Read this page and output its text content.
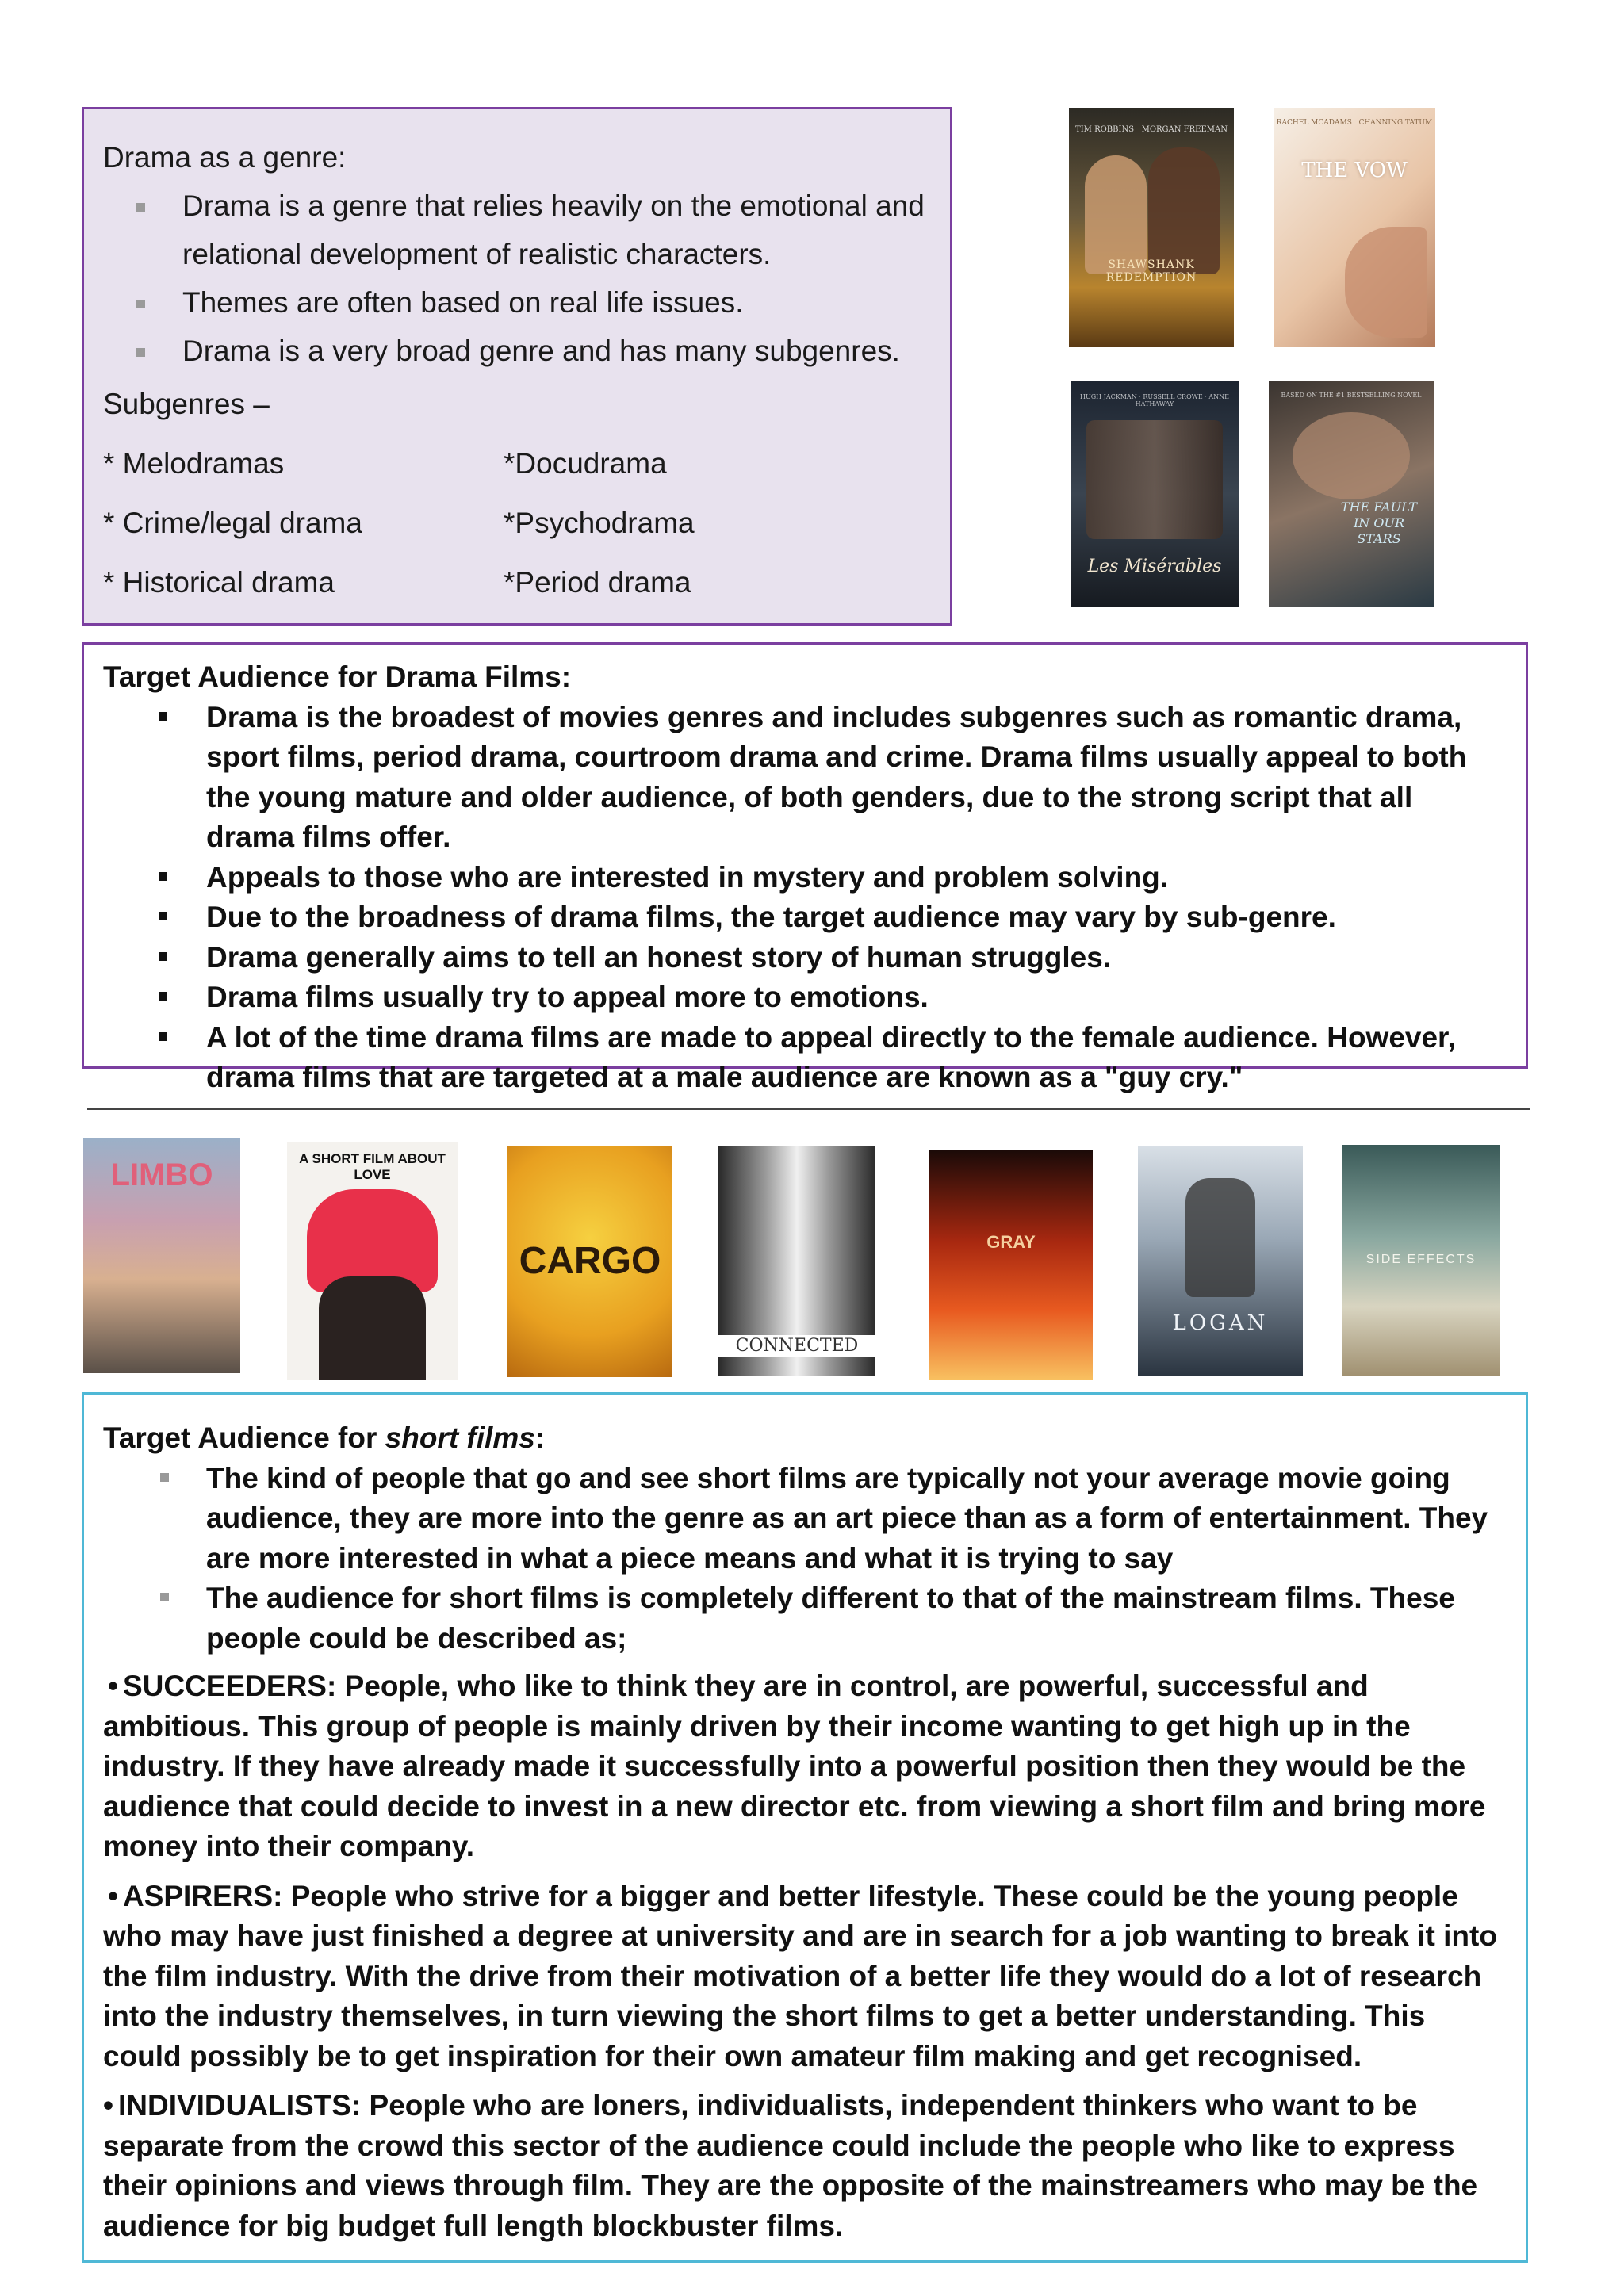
Drama as a genre:
Drama is a genre that relies heavily on the emotional and relational development of realistic characters.
Themes are often based on real life issues.
Drama is a very broad genre and has many subgenres.
Subgenres –
* Melodramas	*Docudrama
* Crime/legal drama	*Psychodrama
* Historical drama	*Period drama
TIM ROBBINS   MORGAN FREEMAN
SHAWSHANK REDEMPTION
RACHEL MCADAMS   CHANNING TATUM
THE VOW
HUGH JACKMAN · RUSSELL CROWE · ANNE HATHAWAY
Les Misérables
BASED ON THE #1 BESTSELLING NOVEL
THE FAULT IN OUR STARS
Target Audience for Drama Films:
Drama is the broadest of movies genres and includes subgenres such as romantic drama, sport films, period drama, courtroom drama and crime. Drama films usually appeal to both the young mature and older audience, of both genders, due to the strong script that all drama films offer.
Appeals to those who are interested in mystery and problem solving.
Due to the broadness of drama films, the target audience may vary by sub-genre.
Drama generally aims to tell an honest story of human struggles.
Drama films usually try to appeal more to emotions.
A lot of the time drama films are made to appeal directly to the female audience. However, drama films that are targeted at a male audience are known as a "guy cry."
LIMBO	A SHORT FILM ABOUT LOVE
CARGO
CONNECTED
GRAY
LOGAN
SIDE EFFECTS
Target Audience for short films:
The kind of people that go and see short films are typically not your average movie going audience, they are more into the genre as an art piece than as a form of entertainment. They are more interested in what a piece means and what it is trying to say
The audience for short films is completely different to that of the mainstream films. These people could be described as;

• SUCCEEDERS: People, who like to think they are in control, are powerful, successful and ambitious. This group of people is mainly driven by their income wanting to get high up in the industry. If they have already made it successfully into a powerful position then they would be the audience that could decide to invest in a new director etc. from viewing a short film and bring more money into their company.

• ASPIRERS: People who strive for a bigger and better lifestyle. These could be the young people who may have just finished a degree at university and are in search for a job wanting to break it into the film industry. With the drive from their motivation of a better life they would do a lot of research into the industry themselves, in turn viewing the short films to get a better understanding. This could possibly be to get inspiration for their own amateur film making and get recognised.

• INDIVIDUALISTS: People who are loners, individualists, independent thinkers who want to be separate from the crowd this sector of the audience could include the people who like to express their opinions and views through film. They are the opposite of the mainstreamers who may be the audience for big budget full length blockbuster films.
